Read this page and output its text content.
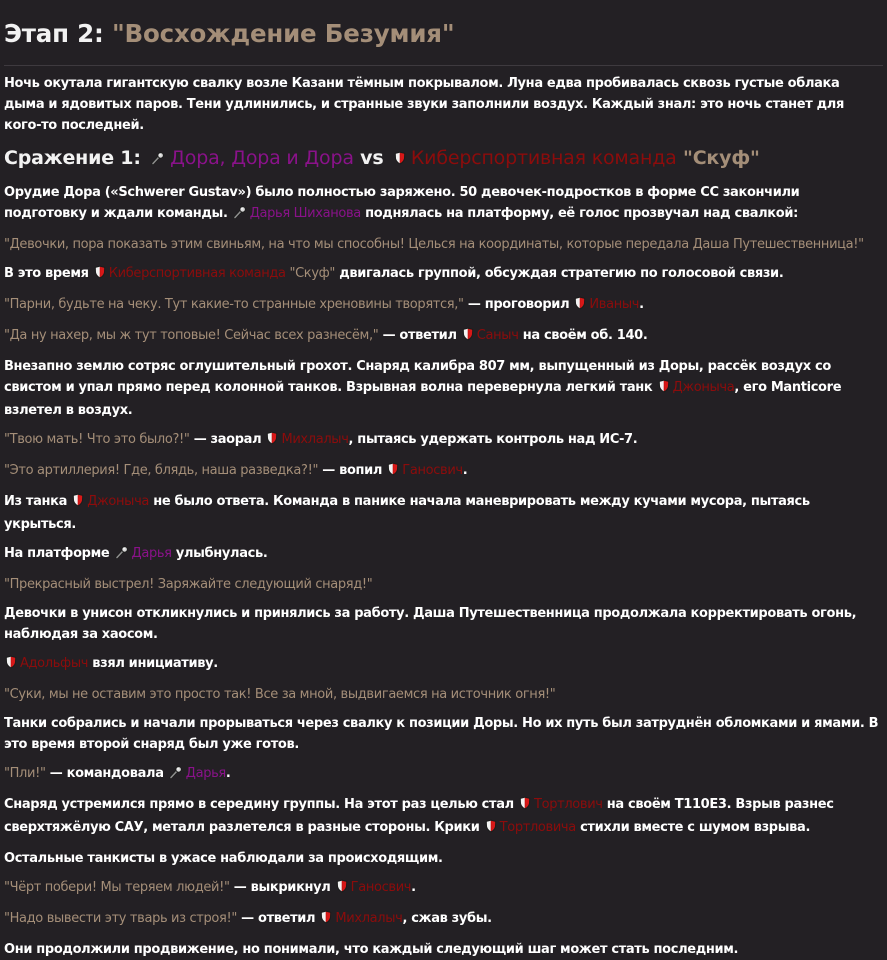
Этап 2: "Восхождение Безумия"

Ночь окутала гигантскую свалку возле Казани тёмным покрывалом. Луна едва пробивалась сквозь густые облака дыма и ядовитых паров. Тени удлинились, и странные звуки заполнили воздух. Каждый знал: это ночь станет для кого-то последней.

Сражение 1: Дора, Дора и Дора vs Киберспортивная команда "Скуф"

Орудие Дора («Schwerer Gustav») было полностью заряжено. 50 девочек-подростков в форме СС закончили подготовку и ждали команды. Дарья Шиханова поднялась на платформу, её голос прозвучал над свалкой:

"Девочки, пора показать этим свиньям, на что мы способны! Целься на координаты, которые передала Даша Путешественница!"

В это время Киберспортивная команда "Скуф" двигалась группой, обсуждая стратегию по голосовой связи.

"Парни, будьте на чеку. Тут какие-то странные хреновины творятся," — проговорил Иваныч.

"Да ну нахер, мы ж тут топовые! Сейчас всех разнесём," — ответил Саныч на своём об. 140.

Внезапно землю сотряс оглушительный грохот. Снаряд калибра 807 мм, выпущенный из Доры, рассёк воздух со свистом и упал прямо перед колонной танков. Взрывная волна перевернула легкий танк Джоныча, его Manticore взлетел в воздух.

"Твою мать! Что это было?!" — заорал Михлалыч, пытаясь удержать контроль над ИС-7.

"Это артиллерия! Где, блядь, наша разведка?!" — вопил Ганосвич.

Из танка Джоныча не было ответа. Команда в панике начала маневрировать между кучами мусора, пытаясь укрыться.

На платформе Дарья улыбнулась.

"Прекрасный выстрел! Заряжайте следующий снаряд!"

Девочки в унисон откликнулись и принялись за работу. Даша Путешественница продолжала корректировать огонь, наблюдая за хаосом.

Адольфыч взял инициативу.

"Суки, мы не оставим это просто так! Все за мной, выдвигаемся на источник огня!"

Танки собрались и начали прорываться через свалку к позиции Доры. Но их путь был затруднён обломками и ямами. В это время второй снаряд был уже готов.

"Пли!" — командовала Дарья.

Снаряд устремился прямо в середину группы. На этот раз целью стал Тортлович на своём T110E3. Взрыв разнес сверхтяжёлую САУ, металл разлетелся в разные стороны. Крики Тортловича стихли вместе с шумом взрыва.

Остальные танкисты в ужасе наблюдали за происходящим.

"Чёрт побери! Мы теряем людей!" — выкрикнул Ганосвич.

"Надо вывести эту тварь из строя!" — ответил Михлалыч, сжав зубы.

Они продолжили продвижение, но понимали, что каждый следующий шаг может стать последним.
